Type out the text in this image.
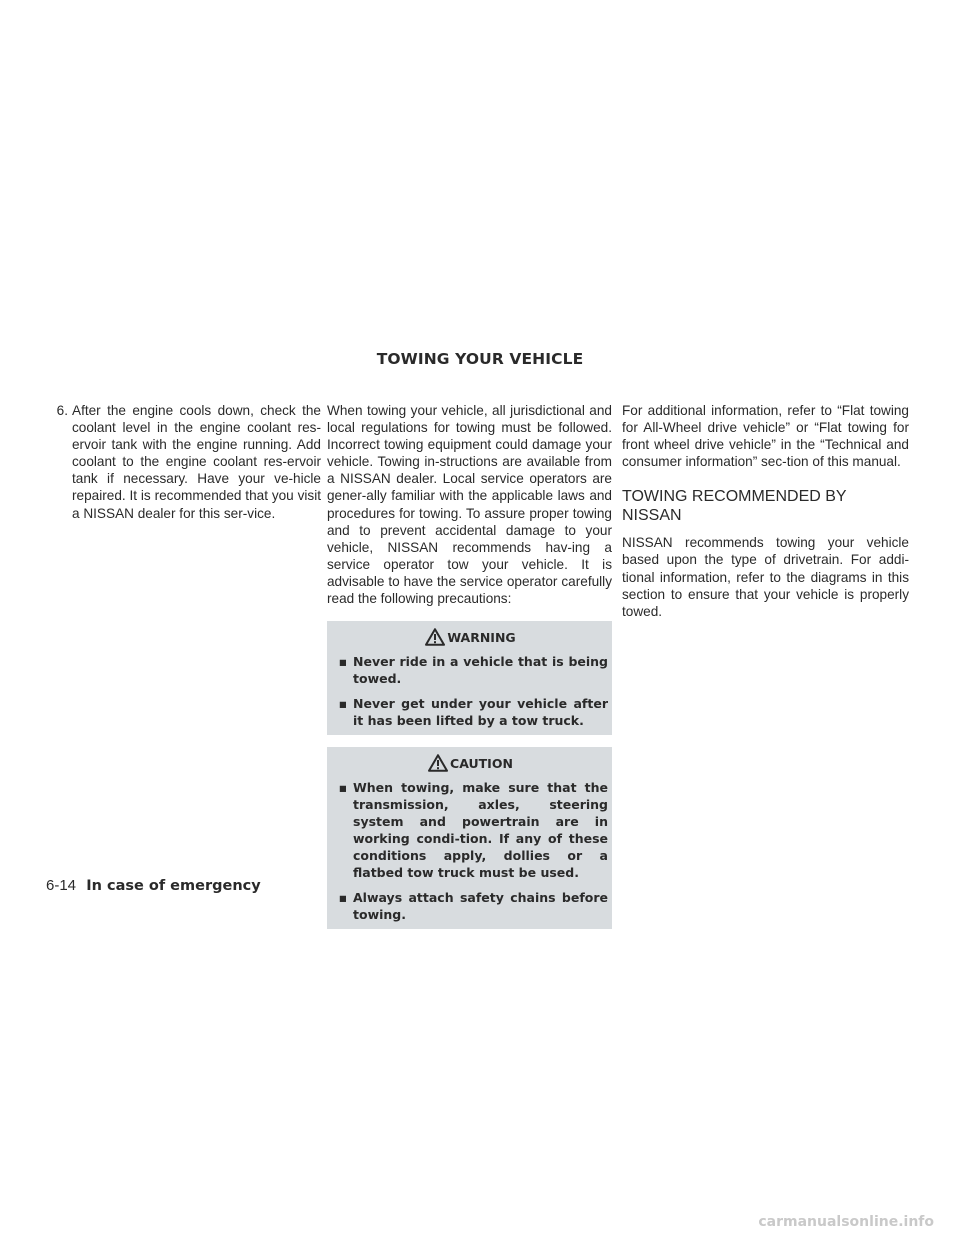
TOWING YOUR VEHICLE
6. After the engine cools down, check the coolant level in the engine coolant res-ervoir tank with the engine running. Add coolant to the engine coolant res-ervoir tank if necessary. Have your ve-hicle repaired. It is recommended that you visit a NISSAN dealer for this ser-vice.

When towing your vehicle, all jurisdictional and local regulations for towing must be followed. Incorrect towing equipment could damage your vehicle. Towing in-structions are available from a NISSAN dealer. Local service operators are gener-ally familiar with the applicable laws and procedures for towing. To assure proper towing and to prevent accidental damage to your vehicle, NISSAN recommends hav-ing a service operator tow your vehicle. It is advisable to have the service operator carefully read the following precautions:

WARNING
▪ Never ride in a vehicle that is being towed.
▪ Never get under your vehicle after it has been lifted by a tow truck.
CAUTION
▪ When towing, make sure that the transmission, axles, steering system and powertrain are in working condi-tion. If any of these conditions apply, dollies or a flatbed tow truck must be used.
▪ Always attach safety chains before towing.

For additional information, refer to “Flat towing for All-Wheel drive vehicle” or “Flat towing for front wheel drive vehicle” in the “Technical and consumer information” sec-tion of this manual.

TOWING RECOMMENDED BY NISSAN

NISSAN recommends towing your vehicle based upon the type of drivetrain. For addi-tional information, refer to the diagrams in this section to ensure that your vehicle is properly towed.

6-14 In case of emergency
carmanualsonline.info
